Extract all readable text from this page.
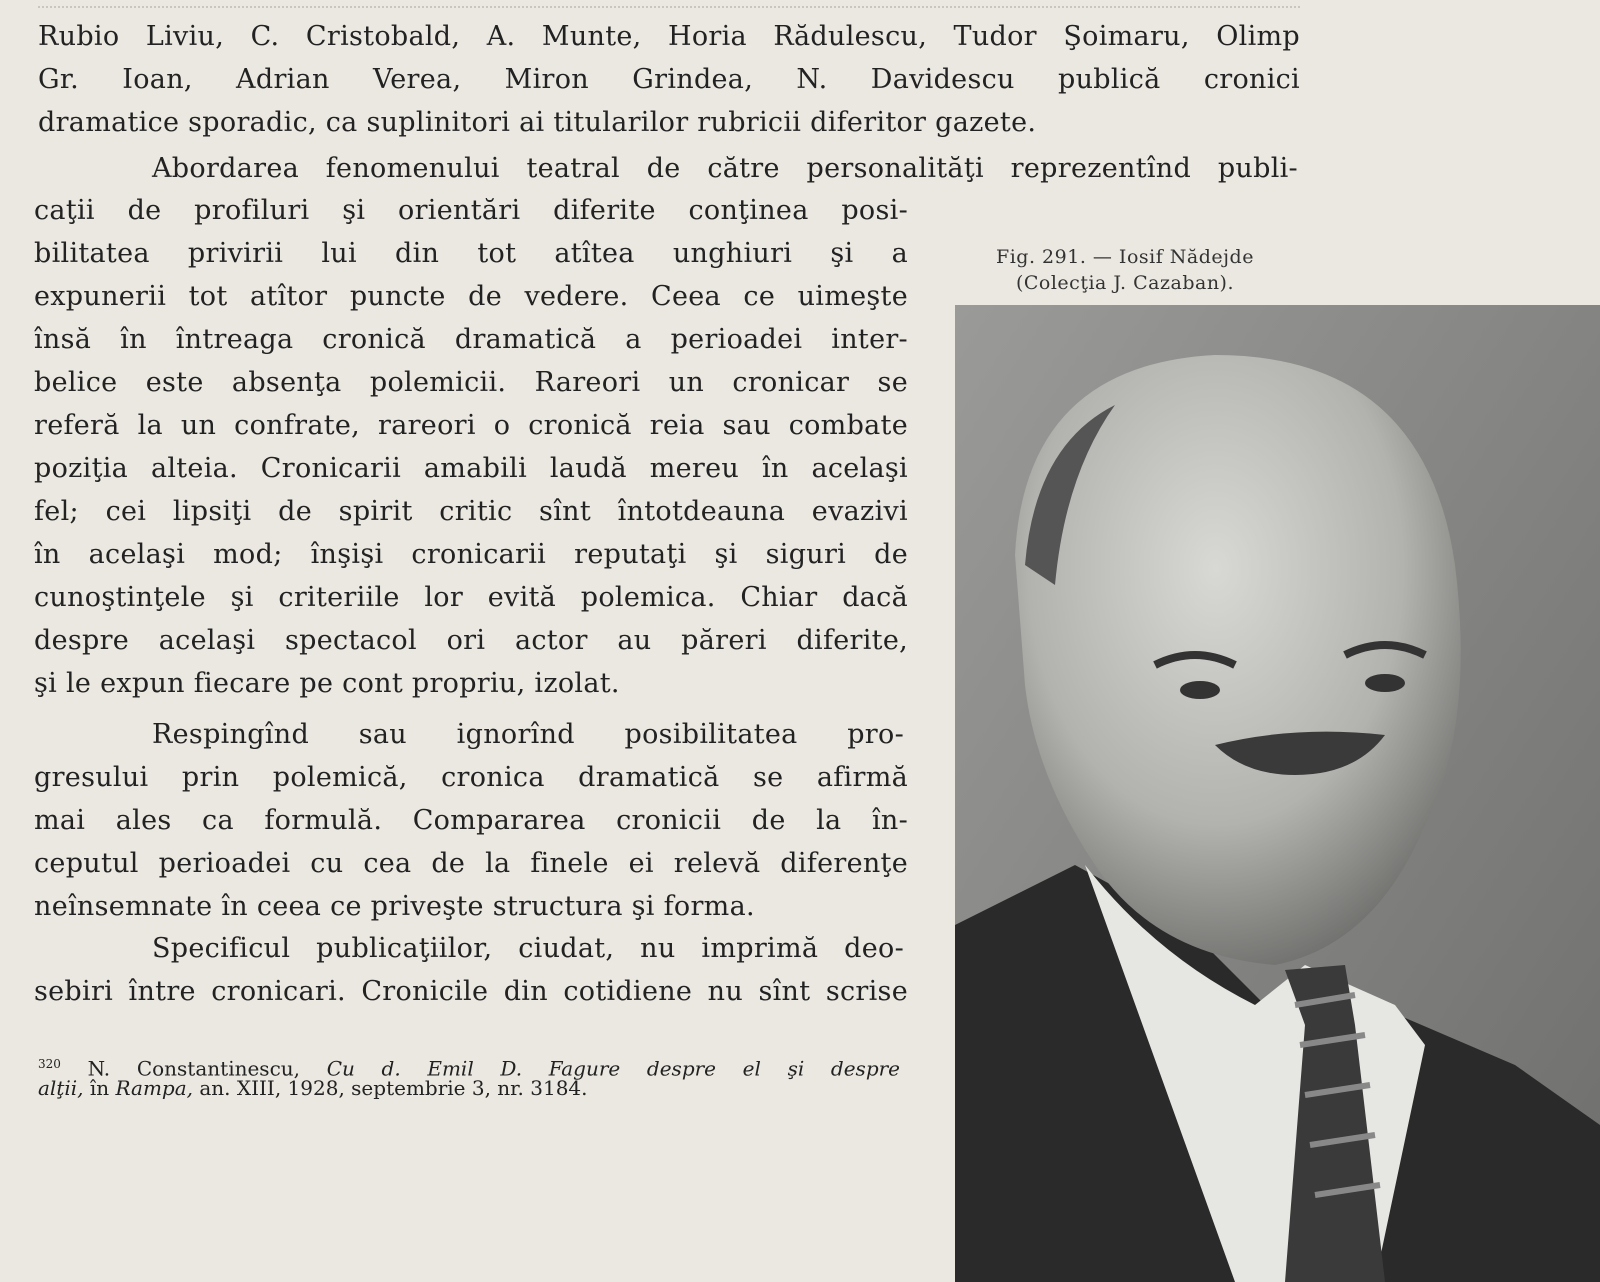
Rubio Liviu, C. Cristobald, A. Munte, Horia Rădulescu, Tudor Şoimaru, Olimp
Gr. Ioan, Adrian Verea, Miron Grindea, N. Davidescu publică cronici
dramatice sporadic, ca suplinitori ai titularilor rubricii diferitor gazete.
Abordarea fenomenului teatral de către personalităţi reprezentînd publi-
caţii de profiluri şi orientări diferite conţinea posi-
bilitatea privirii lui din tot atîtea unghiuri şi a
expunerii tot atîtor puncte de vedere. Ceea ce uimeşte
însă în întreaga cronică dramatică a perioadei inter-
belice este absenţa polemicii. Rareori un cronicar se
referă la un confrate, rareori o cronică reia sau combate
poziţia alteia. Cronicarii amabili laudă mereu în acelaşi
fel; cei lipsiţi de spirit critic sînt întotdeauna evazivi
în acelaşi mod; înşişi cronicarii reputaţi şi siguri de
cunoştinţele şi criteriile lor evită polemica. Chiar dacă
despre acelaşi spectacol ori actor au păreri diferite,
şi le expun fiecare pe cont propriu, izolat.
Respingînd sau ignorînd posibilitatea pro-
gresului prin polemică, cronica dramatică se afirmă
mai ales ca formulă. Compararea cronicii de la în-
ceputul perioadei cu cea de la finele ei relevă diferenţe
neînsemnate în ceea ce priveşte structura şi forma.
Specificul publicaţiilor, ciudat, nu imprimă deo-
sebiri între cronicari. Cronicile din cotidiene nu sînt scrise
Fig. 291. — Iosif Nădejde
(Colecţia J. Cazaban).
$^{320}$ N. Constantinescu, Cu d. Emil D. Fagure despre el şi despre
alţii, în Rampa, an. XIII, 1928, septembrie 3, nr. 3184.
